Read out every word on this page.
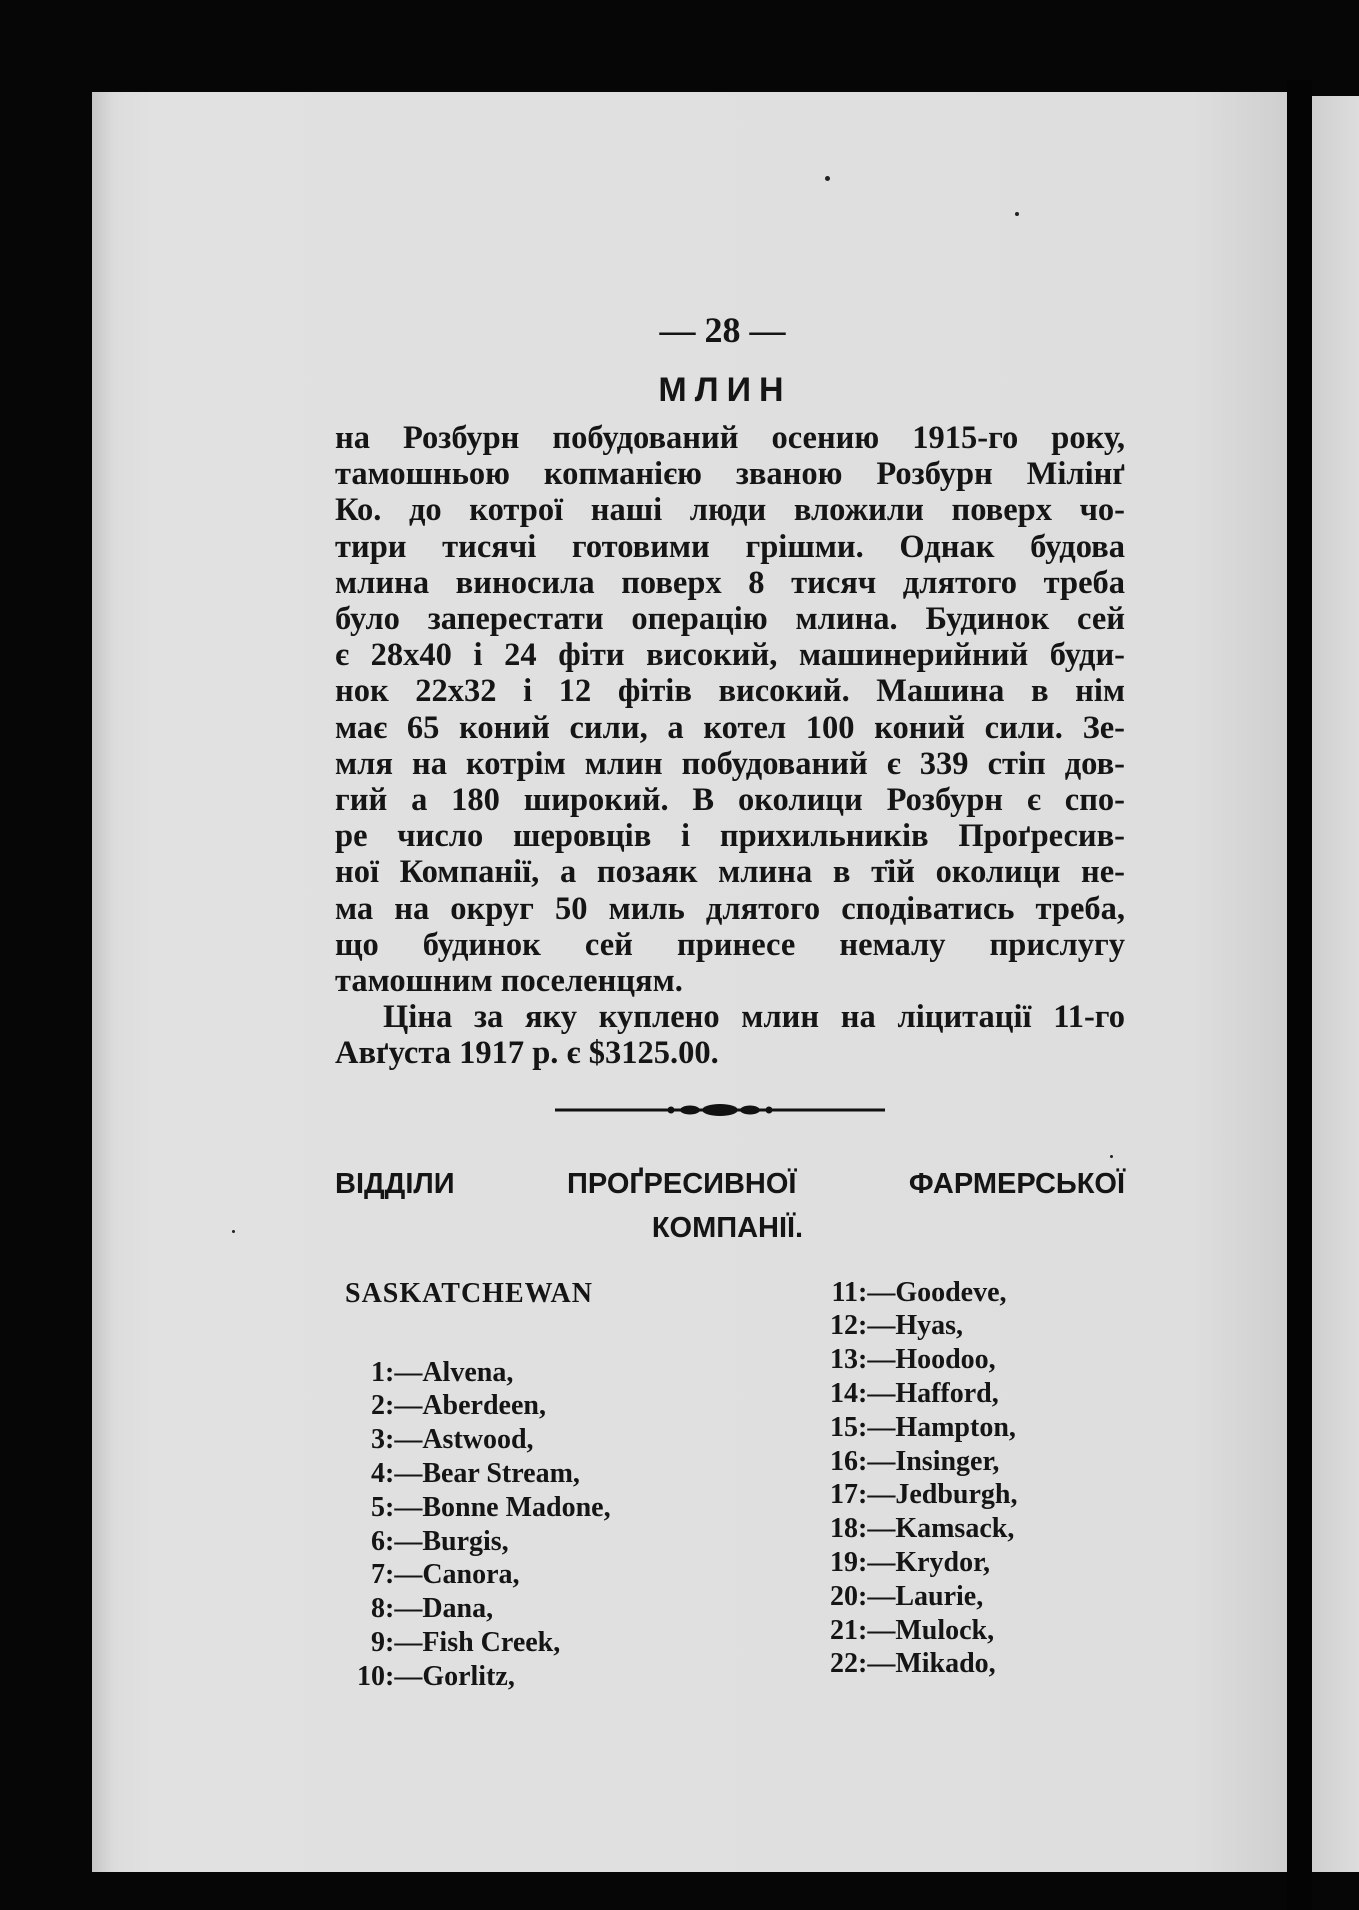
— 28 —
МЛИН
на Розбурн побудований осению 1915-го року,
тамошньою копманією званою Розбурн Мілінґ
Ко. до котрої наші люди вложили поверх чо-
тири тисячі готовими грішми. Однак будова
млина виносила поверх 8 тисяч длятого треба
було заперестати операцію млина. Будинок сей
є 28x40 і 24 фіти високий, машинерийний буди-
нок 22x32 і 12 фітів високий. Машина в нім
має 65 коний сили, а котел 100 коний сили. Зе-
мля на котрім млин побудований є 339 стіп дов-
гий а 180 широкий. В околици Розбурн є спо-
ре число шеровців і прихильників Проґресив-
ної Компанії, а позаяк млина в тій околици не-
ма на округ 50 миль длятого сподіватись треба,
що будинок сей принесе немалу прислугу
тамошним поселенцям.
Ціна за яку куплено млин на ліцитації 11-го
Авґуста 1917 р. є $3125.00.
ВІДДІЛИ	ПРОҐРЕСИВНОЇ	ФАРМЕРСЬКОЇ
КОМПАНІЇ.
SASKATCHEWAN
1:—Alvena,
2:—Aberdeen,
3:—Astwood,
4:—Bear Stream,
5:—Bonne Madone,
6:—Burgis,
7:—Canora,
8:—Dana,
9:—Fish Creek,
10:—Gorlitz,
11:—Goodeve,
12:—Hyas,
13:—Hoodoo,
14:—Hafford,
15:—Hampton,
16:—Insinger,
17:—Jedburgh,
18:—Kamsack,
19:—Krydor,
20:—Laurie,
21:—Mulock,
22:—Mikado,
